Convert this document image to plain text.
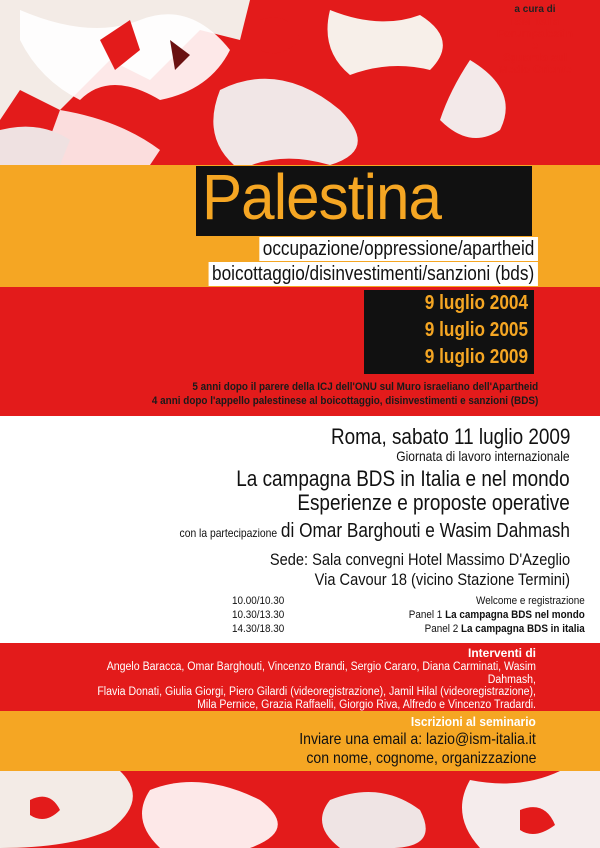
a cura di
ISM Italia
Forumpalestin
e
Sguardo sul
Medio Oriente
Palestina
occupazione/oppressione/apartheid
boicottaggio/disinvestimenti/sanzioni (bds)
9 luglio 2004
9 luglio 2005
9 luglio 2009
5 anni dopo il parere della ICJ dell'ONU sul Muro israeliano dell'Apartheid
4 anni dopo l'appello palestinese al boicottaggio, disinvestimenti e sanzioni (BDS)
Roma, sabato 11 luglio 2009
Giornata di lavoro internazionale
La campagna BDS in Italia e nel mondo
Esperienze e proposte operative
con la partecipazione di Omar Barghouti e Wasim Dahmash
Sede: Sala convegni Hotel Massimo D'Azeglio
Via Cavour 18 (vicino Stazione Termini)
10.00/10.30	Welcome e registrazione
10.30/13.30	Panel 1 La campagna BDS nel mondo
14.30/18.30	Panel 2 La campagna BDS in italia
Interventi di
Angelo Baracca, Omar Barghouti, Vincenzo Brandi, Sergio Cararo, Diana Carminati, Wasim Dahmash,
Flavia Donati, Giulia Giorgi, Piero Gilardi (videoregistrazione), Jamil Hilal (videoregistrazione),
Mila Pernice, Grazia Raffaelli, Giorgio Riva, Alfredo e Vincenzo Tradardi.
Iscrizioni al seminario
Inviare una email a: lazio@ism-italia.it
con nome, cognome, organizzazione
